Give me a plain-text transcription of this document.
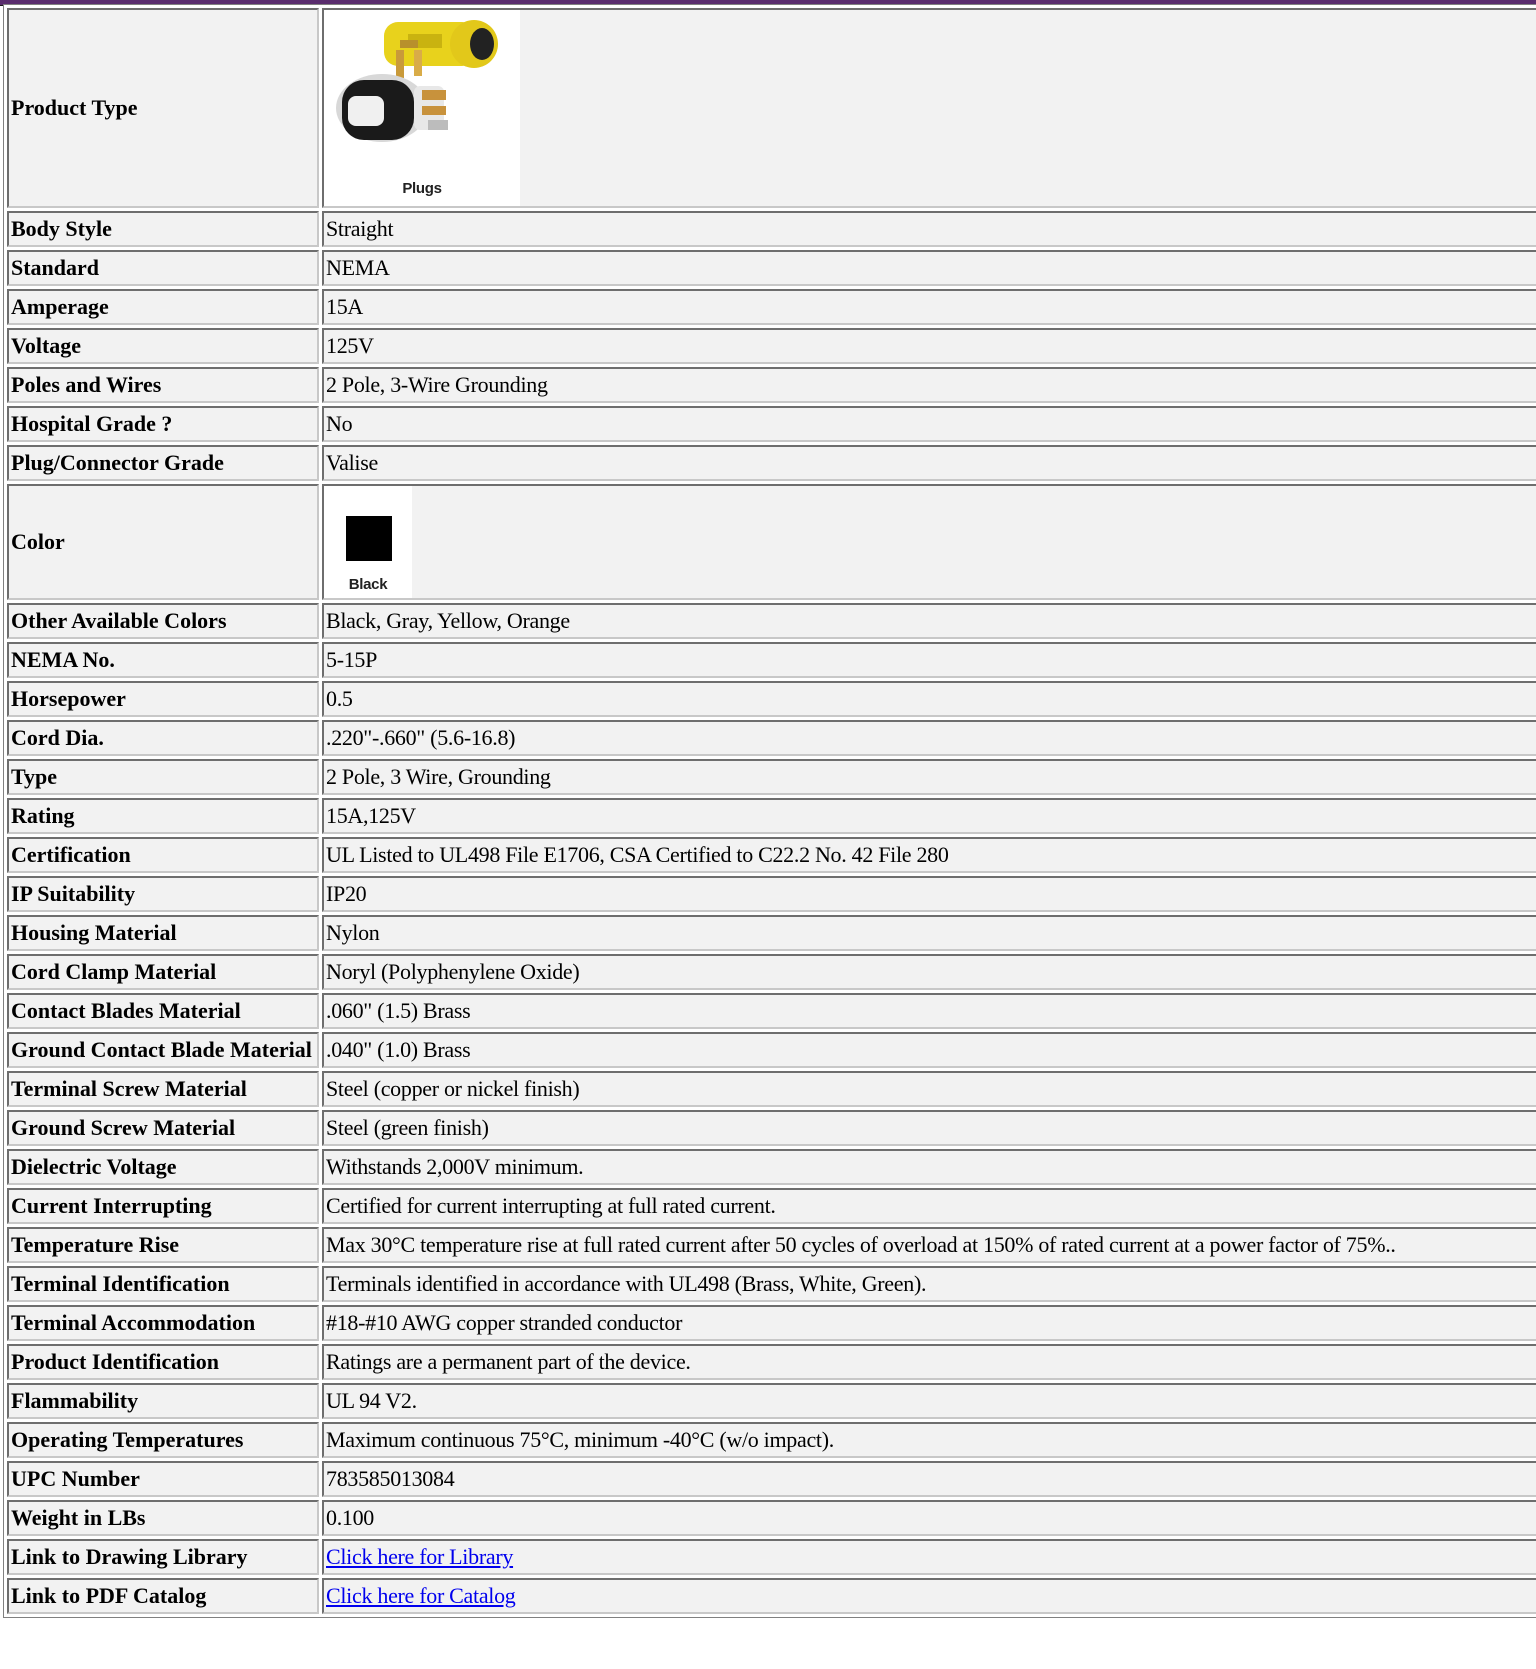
Product Type	Plugs

Body Style	Straight
Standard	NEMA
Amperage	15A
Voltage	125V
Poles and Wires	2 Pole, 3-Wire Grounding
Hospital Grade ?	No
Plug/Connector Grade	Valise
Color	Black

Other Available Colors	Black, Gray, Yellow, Orange
NEMA No.	5-15P
Horsepower	0.5
Cord Dia.	.220"-.660" (5.6-16.8)
Type	2 Pole, 3 Wire, Grounding
Rating	15A,125V
Certification	UL Listed to UL498 File E1706, CSA Certified to C22.2 No. 42 File 280
IP Suitability	IP20
Housing Material	Nylon
Cord Clamp Material	Noryl (Polyphenylene Oxide)
Contact Blades Material	.060" (1.5) Brass
Ground Contact Blade Material	.040" (1.0) Brass
Terminal Screw Material	Steel (copper or nickel finish)
Ground Screw Material	Steel (green finish)
Dielectric Voltage	Withstands 2,000V minimum.
Current Interrupting	Certified for current interrupting at full rated current.
Temperature Rise	Max 30°C temperature rise at full rated current after 50 cycles of overload at 150% of rated current at a power factor of 75%..
Terminal Identification	Terminals identified in accordance with UL498 (Brass, White, Green).
Terminal Accommodation	#18-#10 AWG copper stranded conductor
Product Identification	Ratings are a permanent part of the device.
Flammability	UL 94 V2.
Operating Temperatures	Maximum continuous 75°C, minimum -40°C (w/o impact).
UPC Number	783585013084
Weight in LBs	0.100
Link to Drawing Library	Click here for Library
Link to PDF Catalog	Click here for Catalog
